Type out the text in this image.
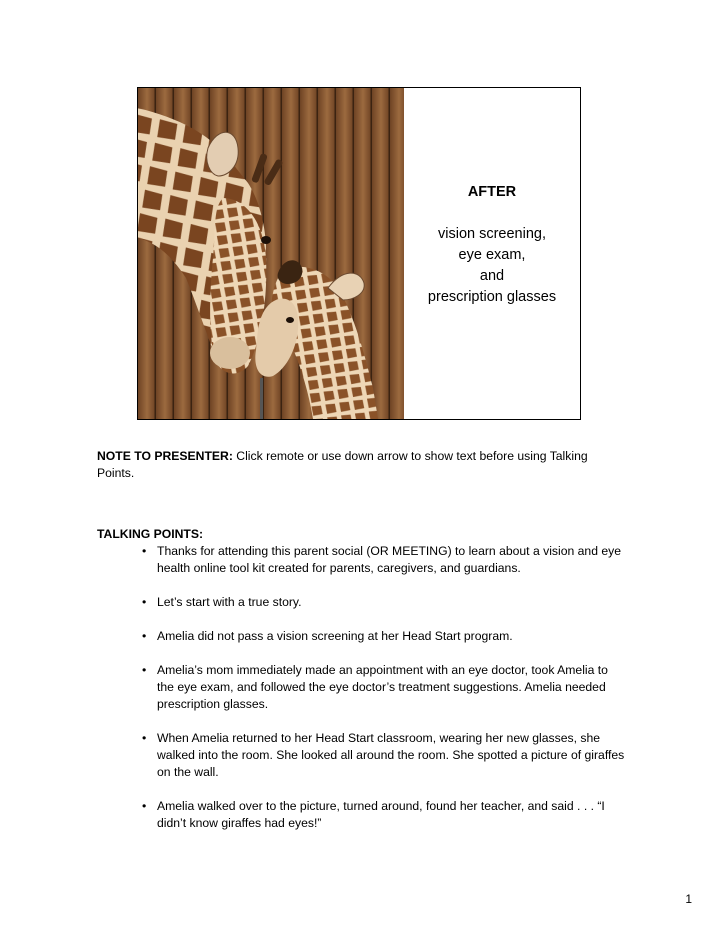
AFTER
vision screening,
eye exam,
and
prescription glasses

NOTE TO PRESENTER: Click remote or use down arrow to show text before using Talking Points.

TALKING POINTS:
• Thanks for attending this parent social (OR MEETING) to learn about a vision and eye health online tool kit created for parents, caregivers, and guardians.
• Let’s start with a true story.
• Amelia did not pass a vision screening at her Head Start program.
• Amelia’s mom immediately made an appointment with an eye doctor, took Amelia to the eye exam, and followed the eye doctor’s treatment suggestions. Amelia needed prescription glasses.
• When Amelia returned to her Head Start classroom, wearing her new glasses, she walked into the room. She looked all around the room. She spotted a picture of giraffes on the wall.
• Amelia walked over to the picture, turned around, found her teacher, and said . . . “I didn’t know giraffes had eyes!”
1
